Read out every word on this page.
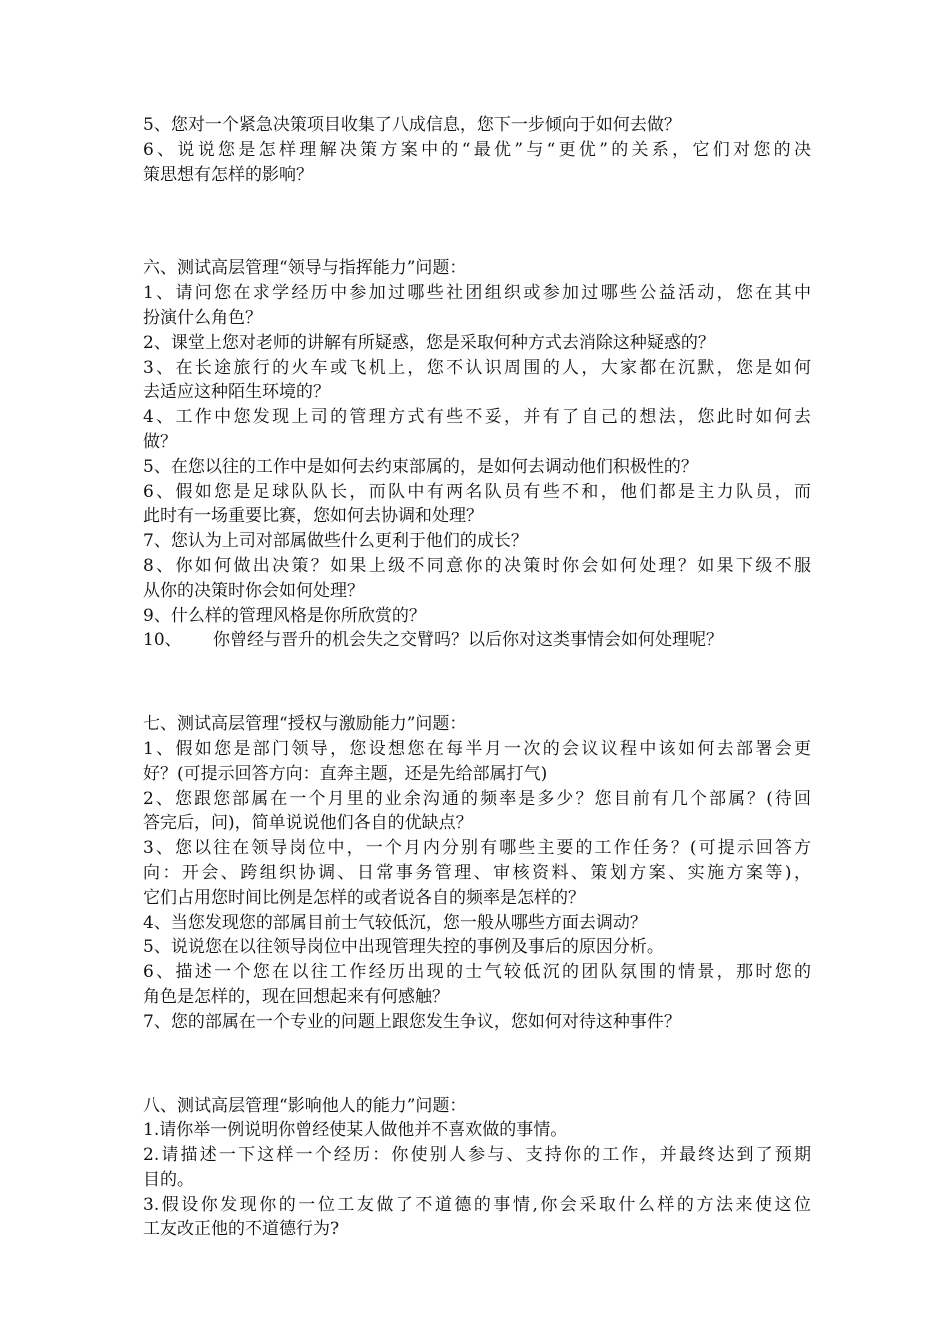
5、您对一个紧急决策项目收集了八成信息，您下一步倾向于如何去做？
6、说说您是怎样理解决策方案中的“最优”与“更优”的关系，它们对您的决
策思想有怎样的影响？
六、测试高层管理“领导与指挥能力”问题：
1、请问您在求学经历中参加过哪些社团组织或参加过哪些公益活动，您在其中
扮演什么角色？
2、课堂上您对老师的讲解有所疑惑，您是采取何种方式去消除这种疑惑的？
3、在长途旅行的火车或飞机上，您不认识周围的人，大家都在沉默，您是如何
去适应这种陌生环境的？
4、工作中您发现上司的管理方式有些不妥，并有了自己的想法，您此时如何去
做？
5、在您以往的工作中是如何去约束部属的，是如何去调动他们积极性的？
6、假如您是足球队队长，而队中有两名队员有些不和，他们都是主力队员，而
此时有一场重要比赛，您如何去协调和处理？
7、您认为上司对部属做些什么更利于他们的成长？
8、你如何做出决策？如果上级不同意你的决策时你会如何处理？如果下级不服
从你的决策时你会如何处理？
9、什么样的管理风格是你所欣赏的？
10、 你曾经与晋升的机会失之交臂吗？以后你对这类事情会如何处理呢？
七、测试高层管理“授权与激励能力”问题：
1、假如您是部门领导，您设想您在每半月一次的会议议程中该如何去部署会更
好？(可提示回答方向：直奔主题，还是先给部属打气)
2、您跟您部属在一个月里的业余沟通的频率是多少？您目前有几个部属？(待回
答完后，问)，简单说说他们各自的优缺点？
3、您以往在领导岗位中，一个月内分别有哪些主要的工作任务？(可提示回答方
向：开会、跨组织协调、日常事务管理、审核资料、策划方案、实施方案等)，
它们占用您时间比例是怎样的或者说各自的频率是怎样的？
4、当您发现您的部属目前士气较低沉，您一般从哪些方面去调动？
5、说说您在以往领导岗位中出现管理失控的事例及事后的原因分析。
6、描述一个您在以往工作经历出现的士气较低沉的团队氛围的情景，那时您的
角色是怎样的，现在回想起来有何感触？
7、您的部属在一个专业的问题上跟您发生争议，您如何对待这种事件？
八、测试高层管理“影响他人的能力”问题：
1.请你举一例说明你曾经使某人做他并不喜欢做的事情。
2.请描述一下这样一个经历：你使别人参与、支持你的工作，并最终达到了预期
目的。
3.假设你发现你的一位工友做了不道德的事情,你会采取什么样的方法来使这位
工友改正他的不道德行为?
